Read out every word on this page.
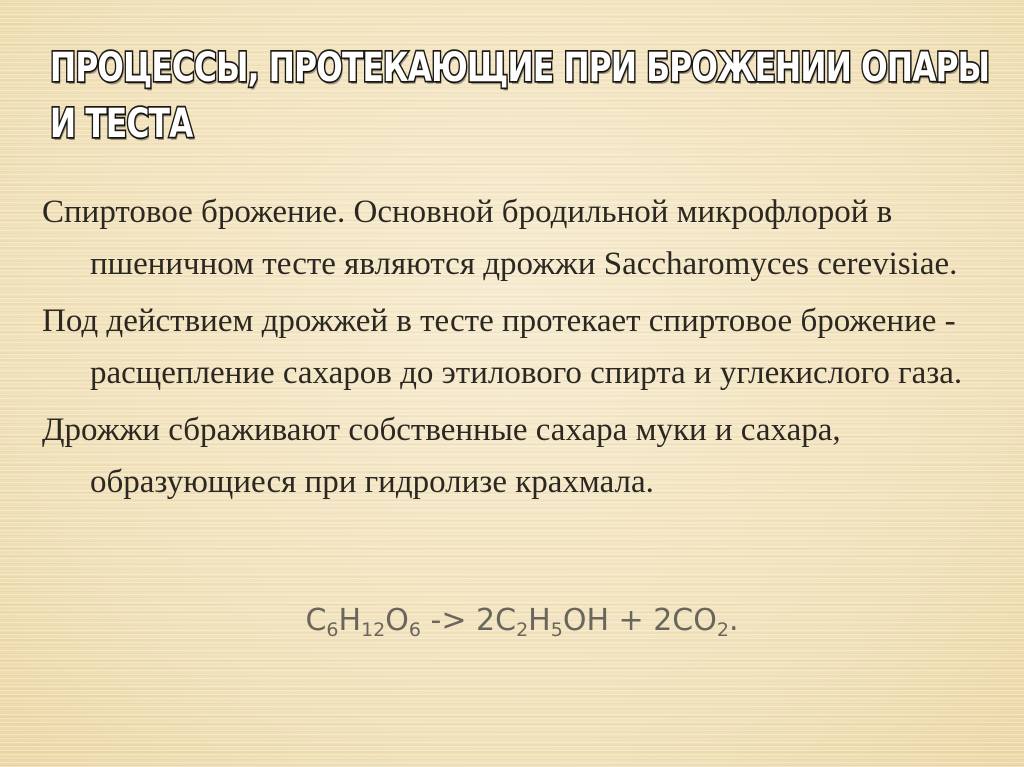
ПРОЦЕССЫ, ПРОТЕКАЮЩИЕ ПРИ БРОЖЕНИИ ОПАРЫ
И ТЕСТА

Спиртовое брожение. Основной бродильной микрофлорой в пшеничном тесте являются дрожжи Saccharomyces cerevisiae.

Под действием дрожжей в тесте протекает спиртовое брожение - расщепление сахаров до этилового спирта и углекислого газа.

Дрожжи сбраживают собственные сахара муки и сахара, образующиеся при гидролизе крахмала.

$C_6H_{12}O_6 -> 2C_2H_5OH + 2CO_2$.
